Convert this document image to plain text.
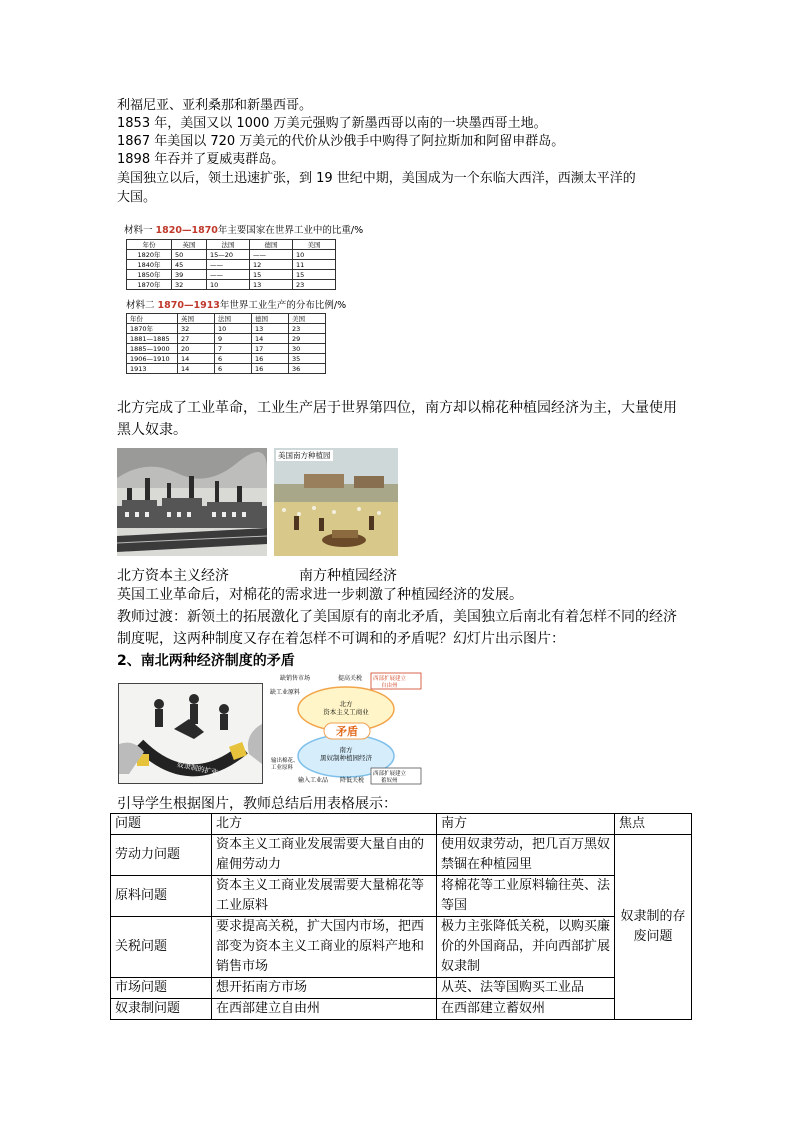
利福尼亚、亚利桑那和新墨西哥。
1853 年，美国又以 1000 万美元强购了新墨西哥以南的一块墨西哥土地。
1867 年美国以 720 万美元的代价从沙俄手中购得了阿拉斯加和阿留申群岛。
1898 年吞并了夏威夷群岛。
美国独立以后，领土迅速扩张，到 19 世纪中期，美国成为一个东临大西洋，西濒太平洋的
大国。
材料一 1820—1870年主要国家在世界工业中的比重/%
年份	英国	法国	德国	美国
1820年	50	15—20	——	10
1840年	45	——	12	11
1850年	39	——	15	15
1870年	32	10	13	23
材料二 1870—1913年世界工业生产的分布比例/%
年份	英国	法国	德国	美国
1870年	32	10	13	23
1881—1885	27	9	14	29
1885—1900	20	7	17	30
1906—1910	14	6	16	35
1913	14	6	16	36
北方完成了工业革命，工业生产居于世界第四位，南方却以棉花种植园经济为主，大量使用
黑人奴隶。
美国南方种植园
北方资本主义经济	南方种植园经济
英国工业革命后，对棉花的需求进一步刺激了种植园经济的发展。
教师过渡：新领土的拓展激化了美国原有的南北矛盾，美国独立后南北有着怎样不同的经济
制度呢，这两种制度又存在着怎样不可调和的矛盾呢？幻灯片出示图片：
2、南北两种经济制度的矛盾
奴隶制的扩张
矛盾
北方资本主义工商业
南方黑奴制种植园经济
缺销售市场
缺工业原料
提高关税 西部扩展建立自由州
输出棉花、工业原料
输入工业品 降低关税
西部扩展建立蓄奴州
引导学生根据图片，教师总结后用表格展示：
问题	北方	南方	焦点
劳动力问题	资本主义工商业发展需要大量自由的雇佣劳动力	使用奴隶劳动，把几百万黑奴禁锢在种植园里	奴隶制的存废问题
原料问题	资本主义工商业发展需要大量棉花等工业原料	将棉花等工业原料输往英、法等国	
关税问题	要求提高关税，扩大国内市场，把西部变为资本主义工商业的原料产地和销售市场	极力主张降低关税，以购买廉价的外国商品，并向西部扩展奴隶制	
市场问题	想开拓南方市场	从英、法等国购买工业品	
奴隶制问题	在西部建立自由州	在西部建立蓄奴州	
